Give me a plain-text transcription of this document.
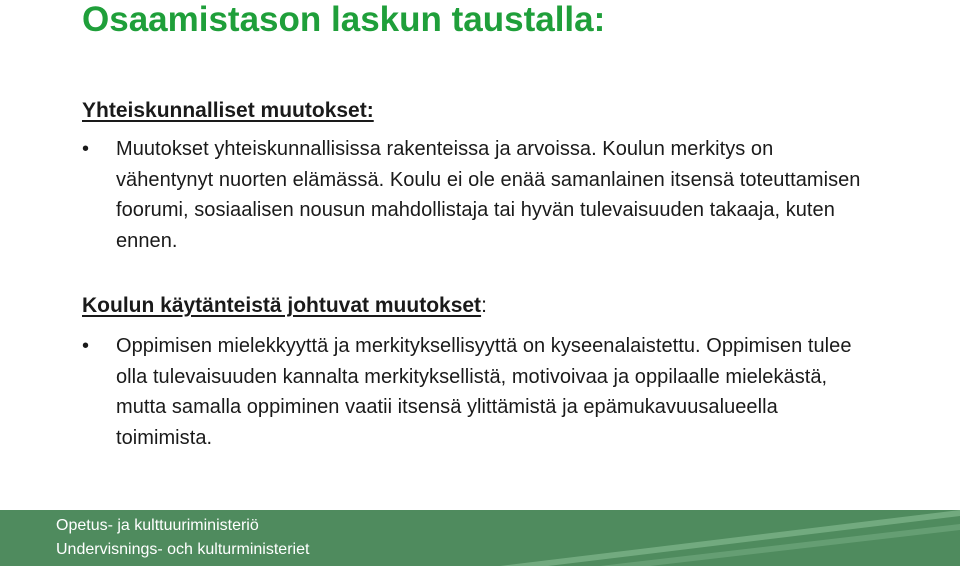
Osaamistason laskun taustalla:
Yhteiskunnalliset muutokset:
• Muutokset yhteiskunnallisissa rakenteissa ja arvoissa. Koulun merkitys on vähentynyt nuorten elämässä. Koulu ei ole enää samanlainen itsensä toteuttamisen foorumi, sosiaalisen nousun mahdollistaja tai hyvän tulevaisuuden takaaja, kuten ennen.
Koulun käytänteistä johtuvat muutokset:
• Oppimisen mielekkyyttä ja merkityksellisyyttä on kyseenalaistettu. Oppimisen tulee olla tulevaisuuden kannalta merkityksellistä, motivoivaa ja oppilaalle mielekästä, mutta samalla oppiminen vaatii itsensä ylittämistä ja epämukavuusalueella toimimista.
Opetus- ja kulttuuriministeriö
Undervisnings- och kulturministeriet
